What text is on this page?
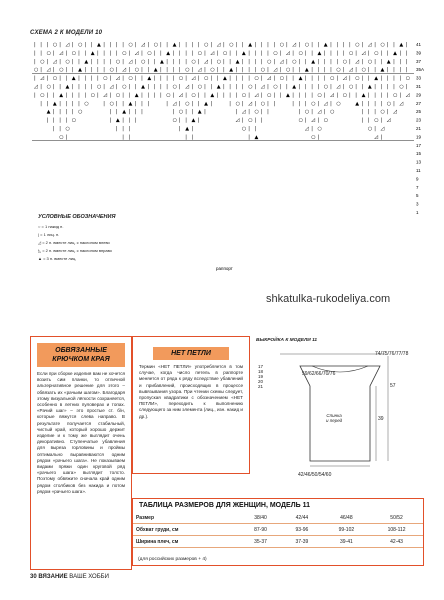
СХЕМА 2 К МОДЕЛИ 10
| | | ○ | ◿ | ○ | | ▲ | | | | ○ | ◿ | ○ | | ▲ | | | | ○ | ◿ | ○ | | ▲ | | | | ○ | ◿ | ○ | | ▲ | | | | ○ | ◿ | ○ | | ▲ | 41
| | ○ | ◿ | ○ | | ▲ | | | | ○ | ◿ | ○ | | ▲ | | | | ○ | ◿ | ○ | | ▲ | | | | ○ | ◿ | ○ | | ▲ | | | | ○ | ◿ | ○ | | ▲ | | 39
| ○ | ◿ | ○ | | ▲ | | | | ○ | ◿ | ○ | | ▲ | | | | ○ | ◿ | ○ | | ▲ | | | | ○ | ◿ | ○ | | ▲ | | | | ○ | ◿ | ○ | | ▲ | | | 37
○ | ◿ | ○ | | ▲ | | | | ○ | ◿ | ○ | | ▲ | | | | ○ | ◿ | ○ | | ▲ | | | | ○ | ◿ | ○ | | ▲ | | | | ○ | ◿ | ○ | | ▲ | | | | 35А
| ◿ | ○ | | ▲ | | | | ○ | ◿ | ○ | | ▲ | | | | ○ | ◿ | ○ | | ▲ | | | | ○ | ◿ | ○ | | ▲ | | | | ○ | ◿ | ○ | | ▲ | | | | ○ 33
◿ | ○ | | ▲ | | | | ○ | ◿ | ○ | | ▲ | | | | ○ | ◿ | ○ | | ▲ | | | | ○ | ◿ | ○ | | ▲ | | | | ○ | ◿ | ○ | | ▲ | | | | ○ | 31
| ○ | | ▲ | | | | ○ | ◿ | ○ | | ▲ | | | | ○ | ◿ | ○ | | ▲ | | | | ○ | ◿ | ○ | | ▲ | | | | ○ | ◿ | ○ | | ▲ | | | | ○ | ◿ 29
| | ▲ | | | | ○	| ○ | | ▲ | | |	| ◿ | ○ | | ▲ |	| ○ | ◿ | ○ | |	| | | ○ | ◿ | ○	▲ | | | | ○ | ◿	27
▲ | | | | ○	| | ▲ | | |	| ○ | | ▲ |	| ◿ | ○ | |	| ○ | ◿ | ○	| | | ○ | ◿	25
| | | | ○	| ▲ | | |	○ | | ▲ |	◿ | ○ | |	○ | ◿ | ○	| | ○ | ◿	23
| | ○	| | |	| ▲ |	○ | |	◿ | ○	○ | ◿	21
○ |	| |	| |	| ▲	○ |	◿ |	19
17
15
13
11
9
7
5
3
1
раппорт
УСЛОВНЫЕ ОБОЗНАЧЕНИЯ
○ = 1 накид п.
| = 1 лиц. п.
◿ = 2 п. вместе лиц. с наклоном влево
◺ = 2 п. вместе лиц. с наклоном вправо
▲ = 3 п. вместе лиц.
shkatulka-rukodeliya.com
ОБВЯЗАННЫЕ КРЮЧКОМ КРАЯ
Если при сборке изделия вам не хочется возить сим планки, то отличной альтернативное решение для этого – обвязать их «рачьим шагом». Благодаря этому визуальной лёгкости сохраняется, особенно в летних пуловерах и топах. «Рачий шаг» – это простые ст. б/н, которые вяжутся слева направо. В результате получается стабильный, чистый край, который хорошо держит изделие и к тому же выглядит очень декоративно. Ступенчатые убавления для выреза горловины и проймы оптимально выравниваются одним рядом «рачьего шага». Не показываем видами пряжи один круговой ряд «рачьего шага» выглядит толсто. Поэтому обвяжите сначала край одним рядом столбиков без накида и потом рядом «рачьего шага».
НЕТ ПЕТЛИ
Термин «НЕТ ПЕТЛИ» употребляется в том случае, когда число петель в раппорте меняется от ряда к ряду вследствие убавлений и прибавлений, происходящих в процессе вывязывания узора. При чтении схемы следует, пропуская квадратики с обозначением «НЕТ ПЕТЛИ», переходить к выполнению следующего за ним элемента (лиц., изн. накид и др.).
ВЫКРОЙКА К МОДЕЛИ 11
74/75/76/77/78
59/62/66/70/76
17
18
19
20
21	57
39
Спинка
и перед
42/46/50/54/60
ТАБЛИЦА РАЗМЕРОВ ДЛЯ ЖЕНЩИН, МОДЕЛЬ 11
Размер	38/40	42/44	46/48	50/52
Обхват груди, см	87-90	93-96	99-102	108-112
Ширина плеч, см	35-37	37-39	39-41	42-43
(для российских размеров + 4)
30 ВЯЗАНИЕ ВАШЕ ХОББИ
